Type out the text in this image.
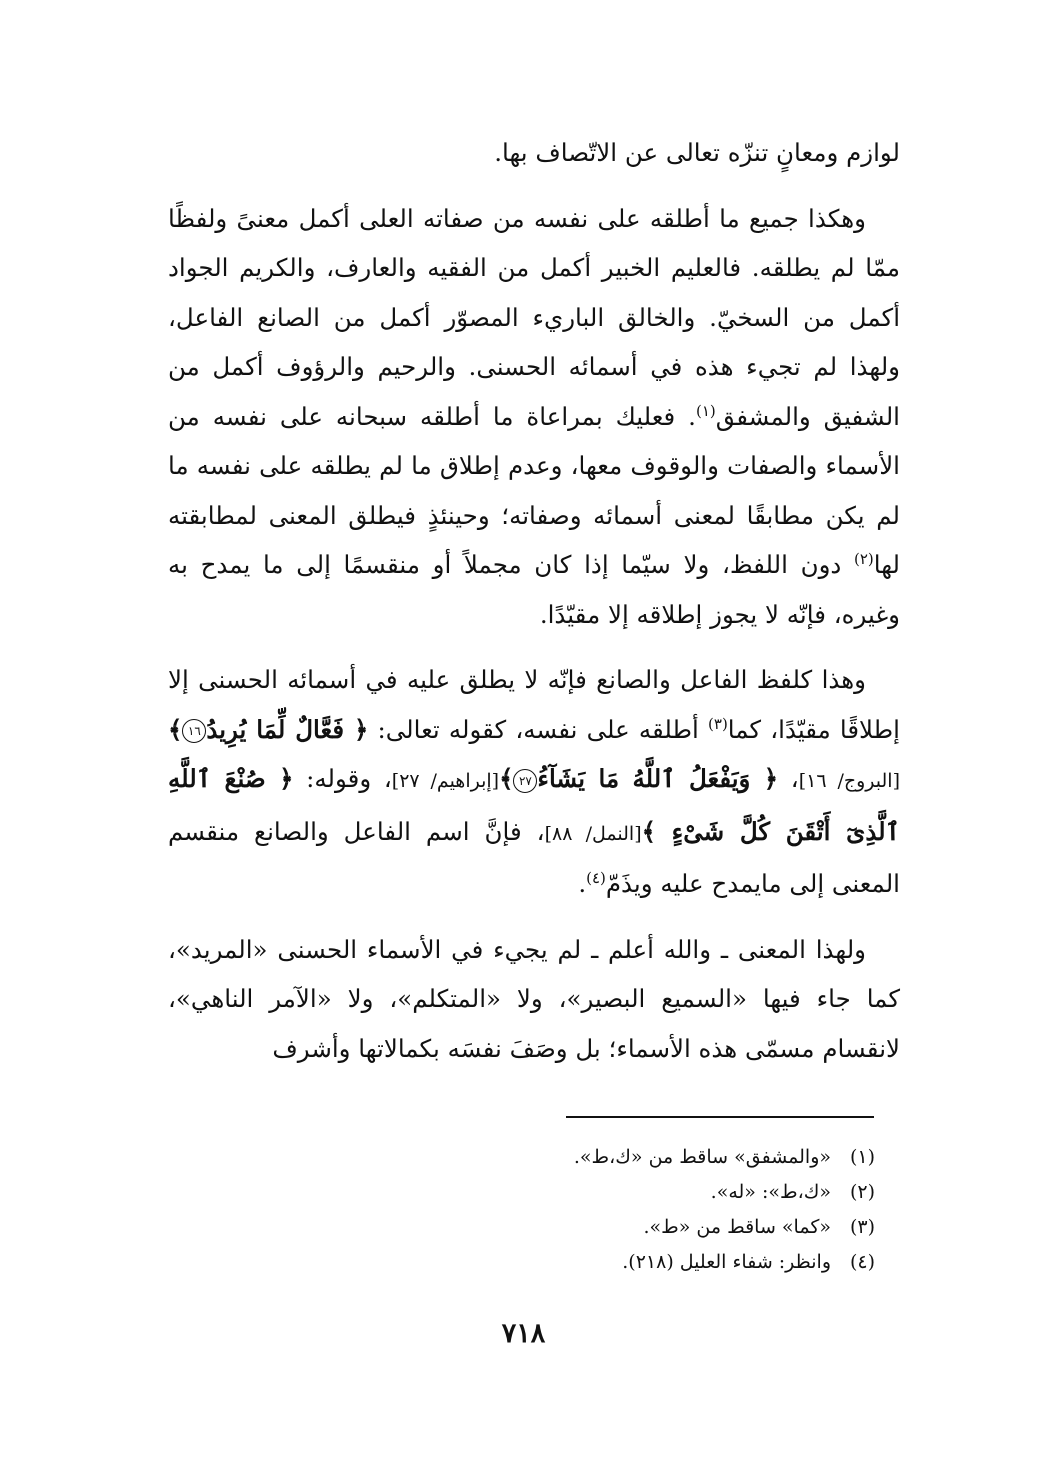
لوازم ومعانٍ تنزّه تعالى عن الاتّصاف بها.

وهكذا جميع ما أطلقه على نفسه من صفاته العلى أكمل معنىً ولفظًا ممّا لم يطلقه. فالعليم الخبير أكمل من الفقيه والعارف، والكريم الجواد أكمل من السخيّ. والخالق الباريء المصوّر أكمل من الصانع الفاعل، ولهذا لم تجيء هذه في أسمائه الحسنى. والرحيم والرؤوف أكمل من الشفيق والمشفق$^{(١)}$. فعليك بمراعاة ما أطلقه سبحانه على نفسه من الأسماء والصفات والوقوف معها، وعدم إطلاق ما لم يطلقه على نفسه ما لم يكن مطابقًا لمعنى أسمائه وصفاته؛ وحينئذٍ فيطلق المعنى لمطابقته لها$^{(٢)}$ دون اللفظ، ولا سيّما إذا كان مجملاً أو منقسمًا إلى ما يمدح به وغيره، فإنّه لا يجوز إطلاقه إلا مقيّدًا.

وهذا كلفظ الفاعل والصانع فإنّه لا يطلق عليه في أسمائه الحسنى إلا إطلاقًا مقيّدًا، كما$^{(٣)}$ أطلقه على نفسه، كقوله تعالى: ﴿ فَعَّالٌ لِّمَا يُرِيدُ١٦﴾[البروج/ ١٦]، ﴿ وَيَفْعَلُ ٱللَّهُ مَا يَشَآءُ٢٧﴾[إبراهيم/ ٢٧]، وقوله: ﴿ صُنْعَ ٱللَّهِ ٱلَّذِىٓ أَتْقَنَ كُلَّ شَىْءٍ ﴾[النمل/ ٨٨]، فإنَّ اسم الفاعل والصانع منقسم المعنى إلى مايمدح عليه ويذَمّ$^{(٤)}$.

ولهذا المعنى ـ والله أعلم ـ لم يجيء في الأسماء الحسنى «المريد»، كما جاء فيها «السميع البصير»، ولا «المتكلم»، ولا «الآمر الناهي»، لانقسام مسمّى هذه الأسماء؛ بل وصَفَ نفسَه بكمالاتها وأشرف

(١)«والمشفق» ساقط من «ك،ط».
(٢)«ك،ط»: «له».
(٣)«كما» ساقط من «ط».
(٤)وانظر: شفاء العليل (٢١٨).
٧١٨
